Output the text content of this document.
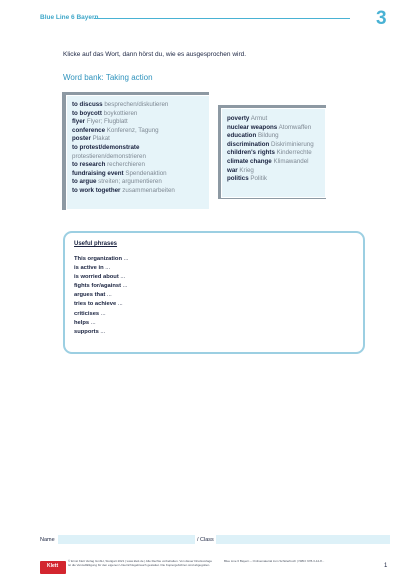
Blue Line 6 Bayern	3
Klicke auf das Wort, dann hörst du, wie es ausgesprochen wird.
Word bank: Taking action
to discuss besprechen/diskutieren
to boycott boykottieren
flyer Flyer; Flugblatt
conference Konferenz, Tagung
poster Plakat
to protest/demonstrate
protestieren/demonstrieren
to research recherchieren
fundraising event Spendenaktion
to argue streiten; argumentieren
to work together zusammenarbeiten
poverty Armut
nuclear weapons Atomwaffen
education Bildung
discrimination Diskriminierung
children's rights Kinderrechte
climate change Klimawandel
war Krieg
politics Politik
Useful phrases
This organization ...
is active in ...
is worried about ...
fights for/against ...
argues that ...
tries to achieve ...
criticises ...
helps ...
supports ...
Name	/ Class
Klett
© Ernst Klett Verlag GmbH, Stuttgart 2021 | www.klett.de | Alle Rechte vorbehalten. Von dieser Druckvorlage ist die Vervielfältigung für den eigenen Unterrichtsgebrauch gestattet. Die Kopiergebühren sind abgegolten.
Blue Line 6 Bayern – Onlinematerial zum Schülerbuch | ISBN: 978-3-12-8...
1
